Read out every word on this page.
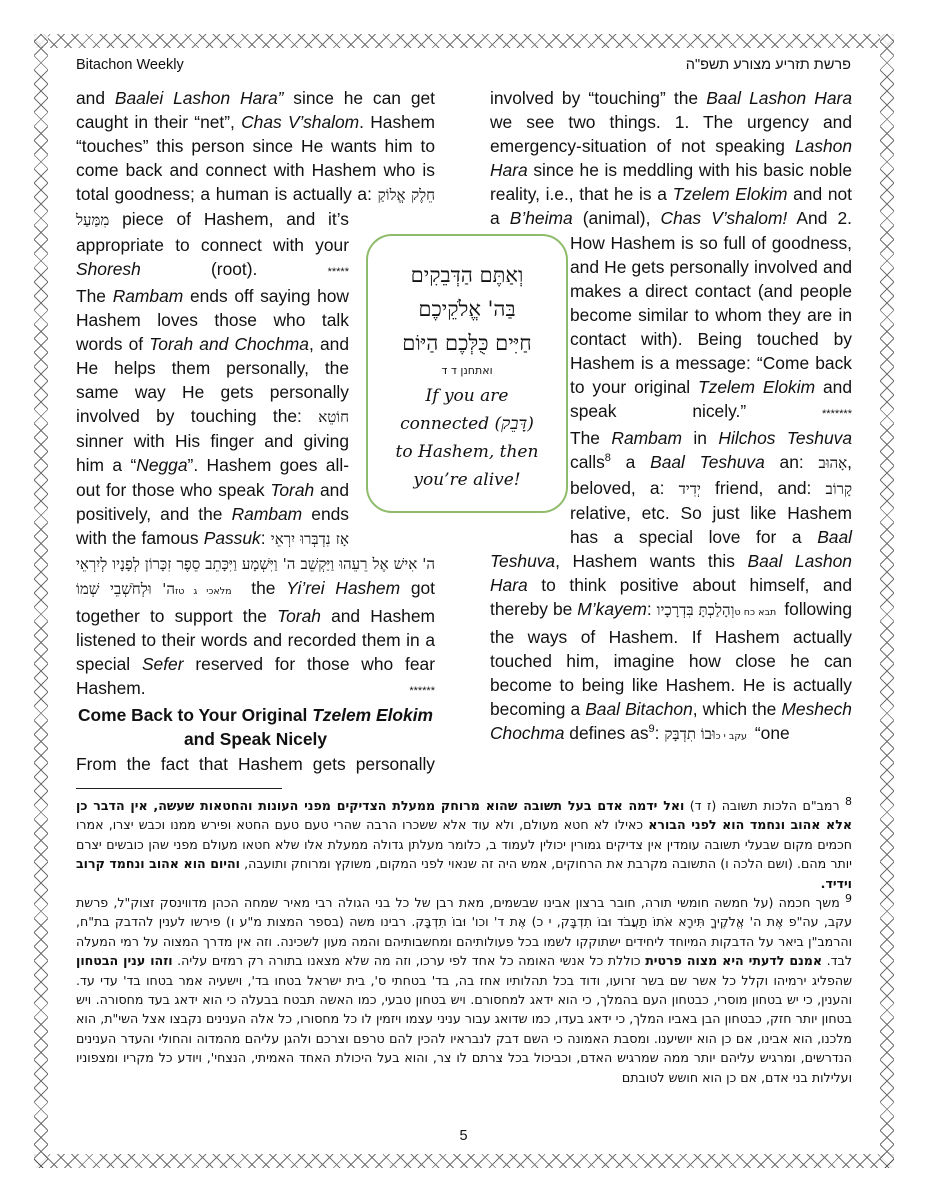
Bitachon Weekly	פרשת תזריע מצורע תשפ"ה

and Baalei Lashon Hara” since he can get caught in their “net”, Chas V’shalom. Hashem “touches” this person since He wants him to come back and connect with Hashem who is total goodness; a human is actually a: חֵלֶק אֱלוֹקַ מִמַּעַל piece of Hashem, and it’s appropriate to connect with your Shoresh (root). *****

The Rambam ends off saying how Hashem loves those who talk words of Torah and Chochma, and He helps them personally, the same way He gets personally involved by touching the: חוֹטֵא sinner with His finger and giving him a “Negga”. Hashem goes all-out for those who speak Torah and positively, and the Rambam ends with the famous Passuk: אָז נִדְבְּרוּ יִרְאֵי ה' אִישׁ אֶל רֵעֵהוּ וַיַּקְשֵׁב ה' וַיִּשְׁמָע וַיִּכָּתֵב סֵפֶר זִכָּרוֹן לְפָנָיו לְיִרְאֵי ה' וּלְחֹשְׁבֵי שְׁמוֹ מלאכי ג טז the Yi’rei Hashem got together to support the Torah and Hashem listened to their words and recorded them in a special Sefer reserved for those who fear Hashem. ******

Come Back to Your Original Tzelem Elokim and Speak Nicely

From the fact that Hashem gets personally

involved by “touching” the Baal Lashon Hara we see two things. 1. The urgency and emergency-situation of not speaking Lashon Hara since he is meddling with his basic noble reality, i.e., that he is a Tzelem Elokim and not a B’heima (animal), Chas V’shalom! And 2. How Hashem is so full of goodness, and He gets personally involved and makes a direct contact (and people become similar to whom they are in contact with). Being touched by Hashem is a message: “Come back to your original Tzelem Elokim and speak nicely.” *******

The Rambam in Hilchos Teshuva calls$^8$ a Baal Teshuva an: אָהוּב, beloved, a: יְדִיד friend, and: קָרוֹב relative, etc. So just like Hashem has a special love for a Baal Teshuva, Hashem wants this Baal Lashon Hara to think positive about himself, and thereby be M’kayem: וְהָלַכְתָּ בִּדְרָכָיו תבא כח ט following the ways of Hashem. If Hashem actually touched him, imagine how close he can become to being like Hashem. He is actually becoming a Baal Bitachon, which the Meshech Chochma defines $as^9$: וּבוֹ תִדְבָּק עקב י כ “one

וְאַתֶּם הַדְּבֵקִים
בַּה' אֱלֹקֵיכֶם
חַיִּים כֻּלְּכֶם הַיּוֹם
ואתחנן ד ד
If you are
connected (דָּבֵק)
to Hashem, then
you’re alive!

8 רמב"ם הלכות תשובה (ז ד) ואל ידמה אדם בעל תשובה שהוא מרוחק ממעלת הצדיקים מפני העונות והחטאות שעשה, אין הדבר כן אלא אהוב ונחמד הוא לפני הבורא כאילו לא חטא מעולם, ולא עוד אלא ששכרו הרבה שהרי טעם טעם החטא ופירש ממנו וכבש יצרו, אמרו חכמים מקום שבעלי תשובה עומדין אין צדיקים גמורין יכולין לעמוד ב, כלומר מעלתן גדולה ממעלת אלו שלא חטאו מעולם מפני שהן כובשים יצרם יותר מהם. (ושם הלכה ו) התשובה מקרבת את הרחוקים, אמש היה זה שנאוי לפני המקום, משוקץ ומרוחק ותועבה, והיום הוא אהוב ונחמד קרוב וידיד.

9 משך חכמה (על חמשה חומשי תורה, חובר ברצון אבינו שבשמים, מאת רבן של כל בני הגולה רבי מאיר שמחה הכהן מדווינסק זצוק"ל, פרשת עקב, עה"פ אֶת ה' אֱלֹקֶיךָ תִּירָא אֹתוֹ תַעֲבֹד וּבוֹ תִדְבָּק, י כ) אֶת ד' וכו' וּבוֹ תִדְבָּק. רבינו משה (בספר המצות מ"ע ו) פירשו לענין להדבק בת"ח, והרמב"ן ביאר על הדבקות המיוחד ליחידים ישתוקקו לשמו בכל פעולותיהם ומחשבותיהם והמה מעון לשכינה. וזה אין מדרך המצוה על רמי המעלה לבד. אמנם לדעתי היא מצוה פרטית כוללת כל אנשי האומה כל אחד לפי ערכו, וזה מה שלא מצאנו בתורה רק רמזים עליה. וזהו ענין הבטחון שהפליג ירמיהו וקלל כל אשר שם בשר זרועו, ודוד בכל תהלותיו אחז בה, בד' בטחתי ס', בית ישראל בטחו בד', וישעיה אמר בטחו בד' עדי עד. והענין, כי יש בטחון מוסרי, כבטחון העם בהמלך, כי הוא ידאג למחסורם. ויש בטחון טבעי, כמו האשה תבטח בבעלה כי הוא ידאג בעד מחסורה. ויש בטחון יותר חזק, כבטחון הבן באביו המלך, כי ידאג בעדו, כמו שדואג עבור עניני עצמו ויזמין לו כל מחסורו, כל אלה הענינים נקבצו אצל השי"ת, הוא מלכנו, הוא אבינו, אם כן הוא יושיענו. ומסבת האמונה כי השם דבק לנבראיו להכין להם טרפם וצרכם ולהגן עליהם מהמדוה והחולי והעדר הענינים הנדרשים, ומרגיש עליהם יותר ממה שמרגיש האדם, וכביכול בכל צרתם לו צר, והוא בעל היכולת האחד האמיתי, הנצחי', ויודע כל מקריו ומצפוניו ועלילות בני אדם, אם כן הוא חושש לטובתם

5
